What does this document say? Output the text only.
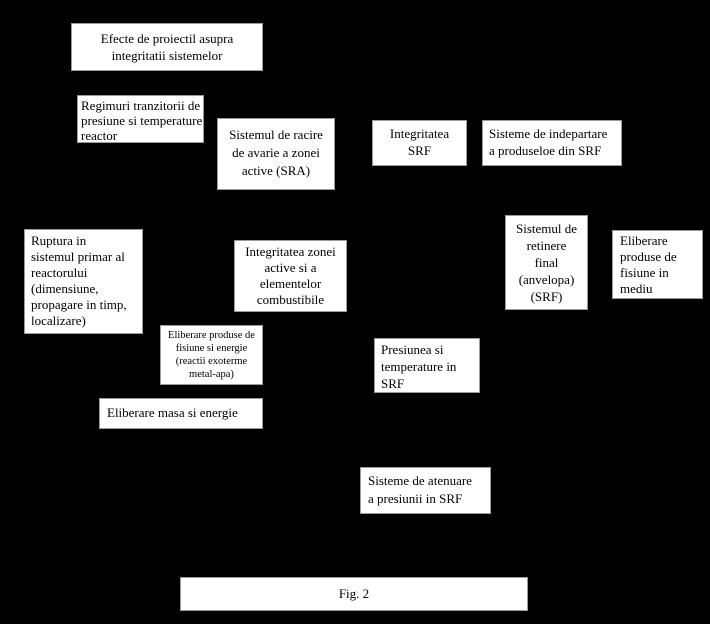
Efecte de proiectil asupra
integritatii sistemelor
Regimuri tranzitorii de
presiune si temperature
reactor	Sistemul de racire
de avarie a zonei
active (SRA)
Integritatea
SRF
Sisteme de indepartare
a produseloe din SRF
Ruptura in
sistemul primar al
reactorului
(dimensiune,
propagare in timp,
localizare)
Integritatea zonei
active si a
elementelor
combustibile
Sistemul de
retinere
final
(anvelopa)
(SRF)
Eliberare
produse de
fisiune in
mediu
Eliberare produse de
fisiune si energie
(reactii exoterme
metal-apa)
Presiunea si
temperature in
SRF
Eliberare masa si energie
Sisteme de atenuare
a presiunii in SRF
Fig. 2
